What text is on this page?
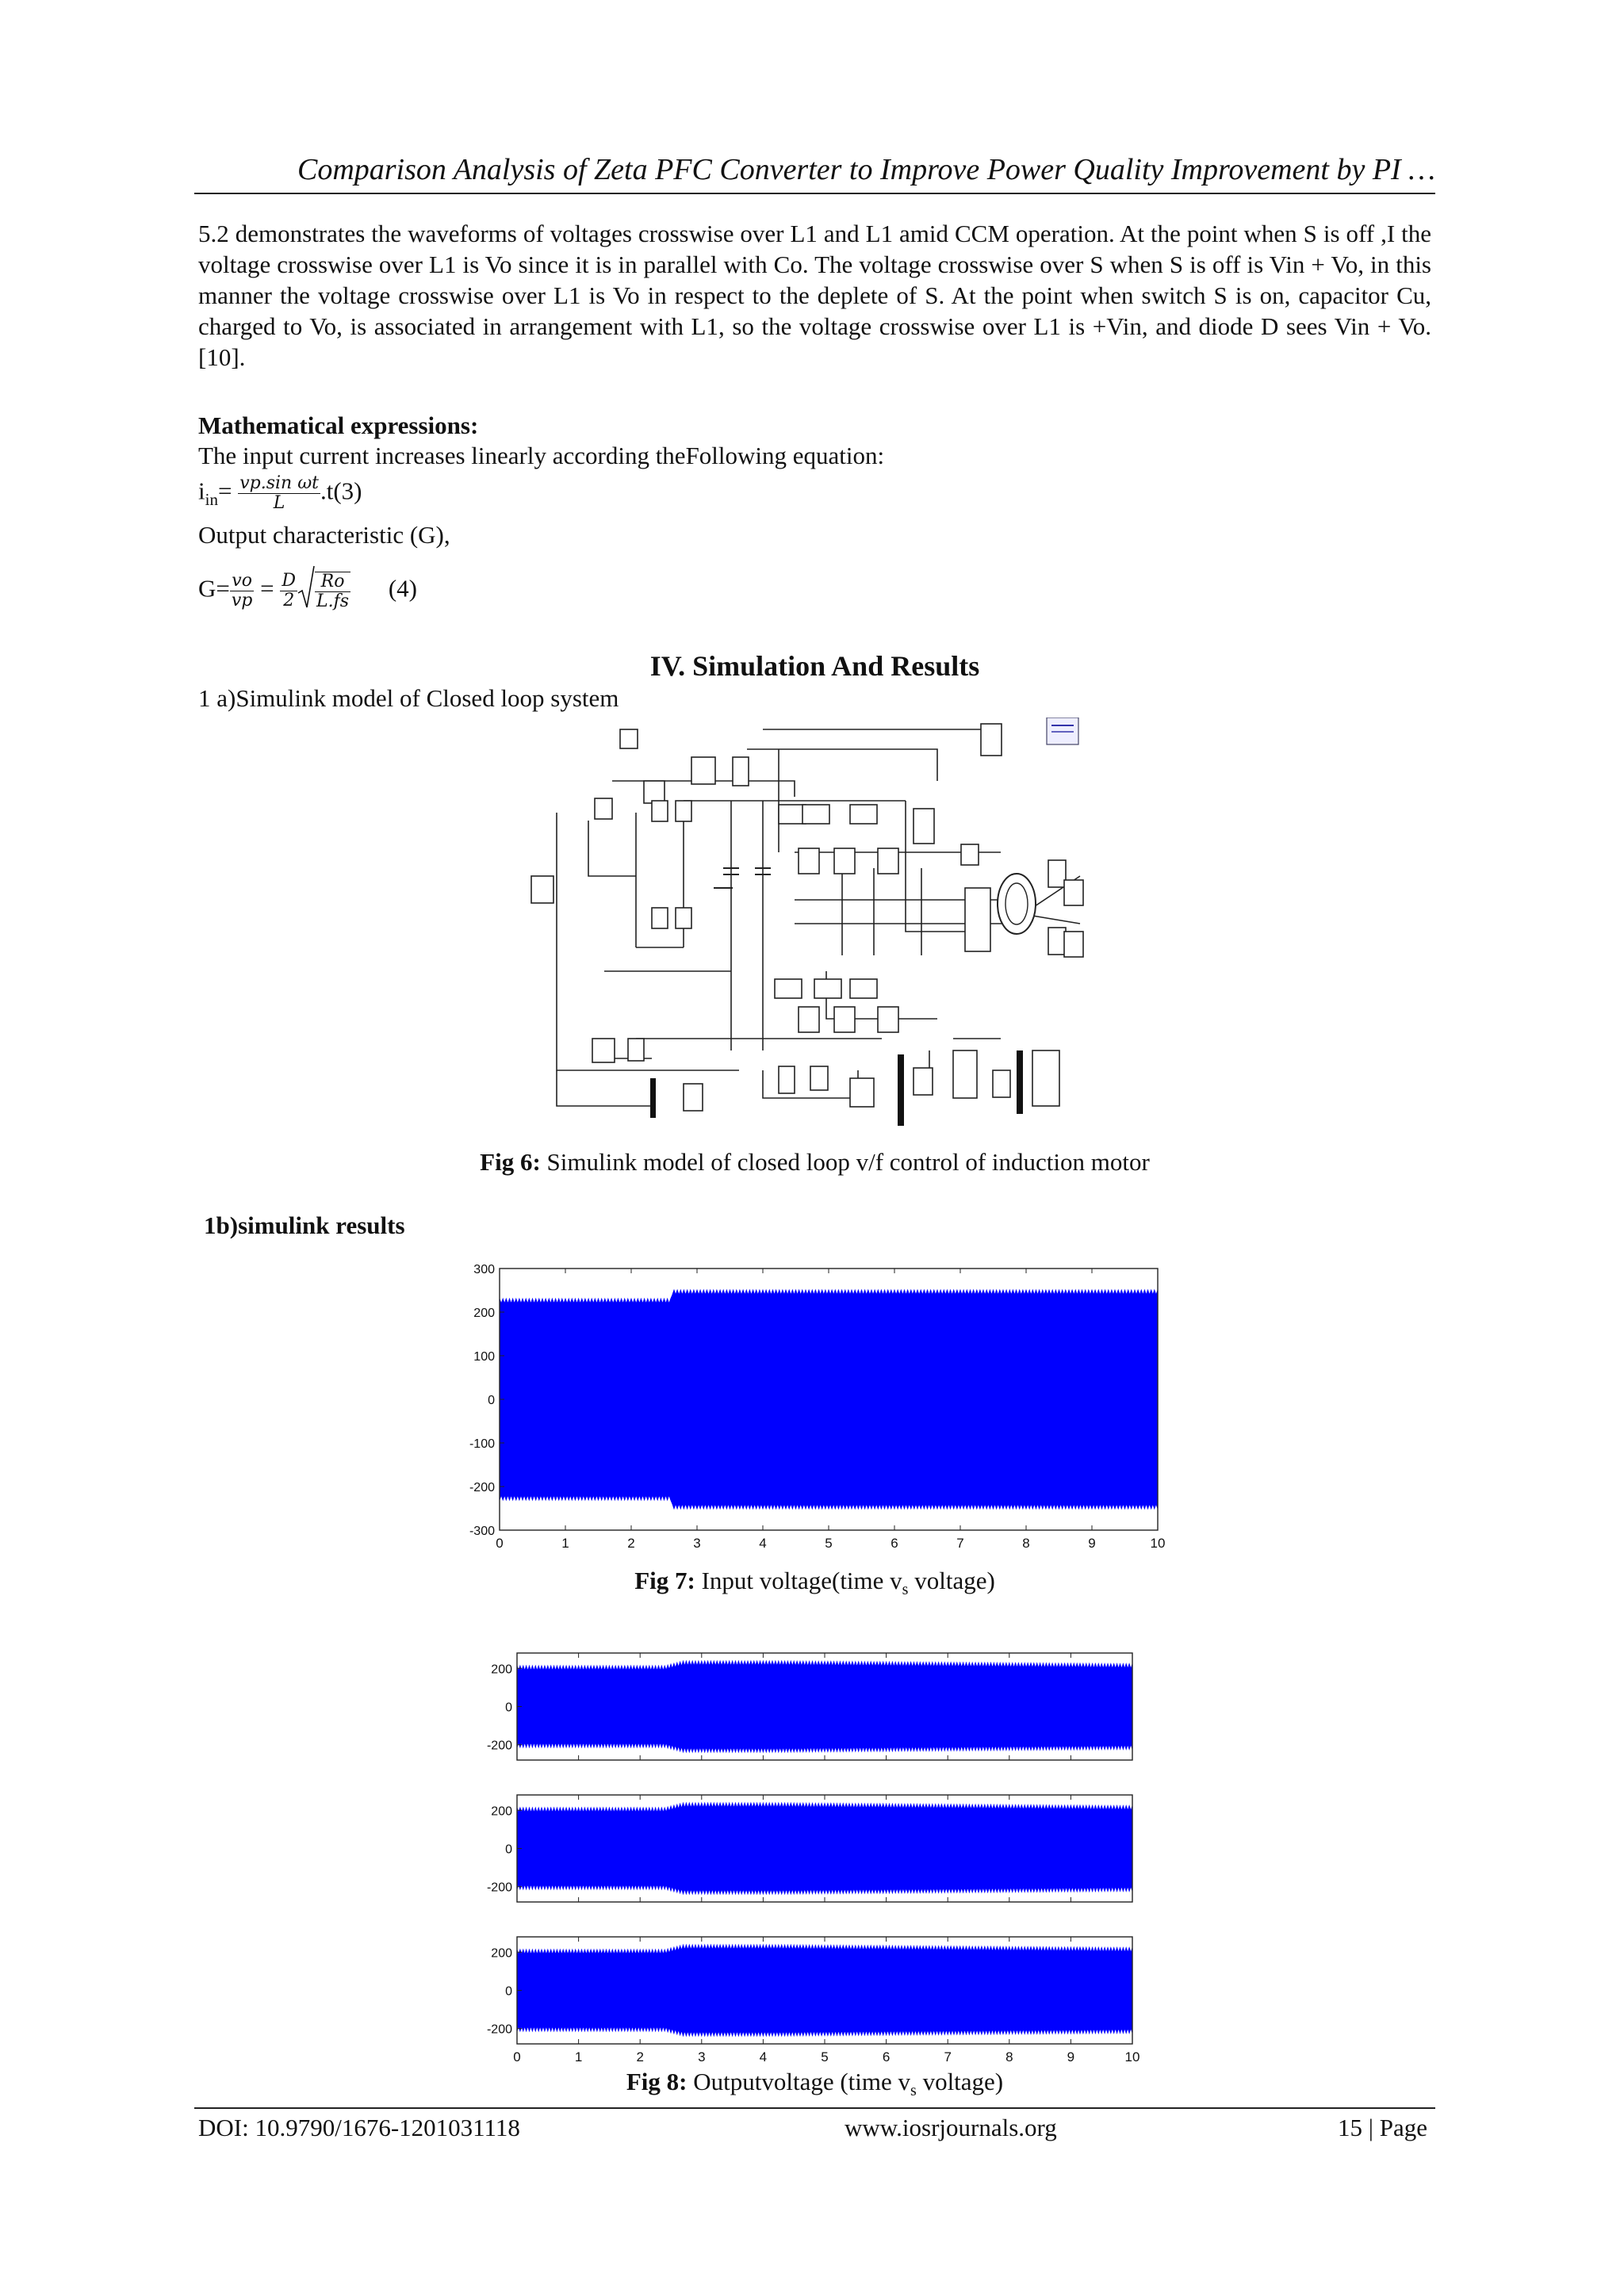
Comparison Analysis of Zeta PFC Converter to Improve Power Quality Improvement by PI …

5.2 demonstrates the waveforms of voltages crosswise over L1 and L1 amid CCM operation. At the point when S is off ,I the voltage crosswise over L1 is Vo since it is in parallel with Co. The voltage crosswise over S when S is off is Vin + Vo, in this manner the voltage crosswise over L1 is Vo in respect to the deplete of S. At the point when switch S is on, capacitor Cu, charged to Vo, is associated in arrangement with L1, so the voltage crosswise over L1 is +Vin, and diode D sees Vin + Vo.[10].

Mathematical expressions:
The input current increases linearly according theFollowing equation:
$i_{in}= \frac{\text{vp.sin ωt}}{L} .t(3)$
Output characteristic (G),
$G= \frac{vo}{vp} = \frac{D}{2} \frac{Ro}{L.fs} (4)$
IV. Simulation And Results
1 a)Simulink model of Closed loop system
Fig 6: Simulink model of closed loop v/f control of induction motor
1b)simulink results
300
200
100
0
-100
-200
-300
0	1	2	3	4	5	6	7	8	9	10
Fig 7: Input voltage(time $v_s$ voltage)
200
0
-200
200
0
-200
200
0
-200
0	1	2	3	4	5	6	7	8	9	10
Fig 8: Outputvoltage (time $v_s$ voltage)
DOI: 10.9790/1676-1201031118	www.iosrjournals.org	15 | Page
